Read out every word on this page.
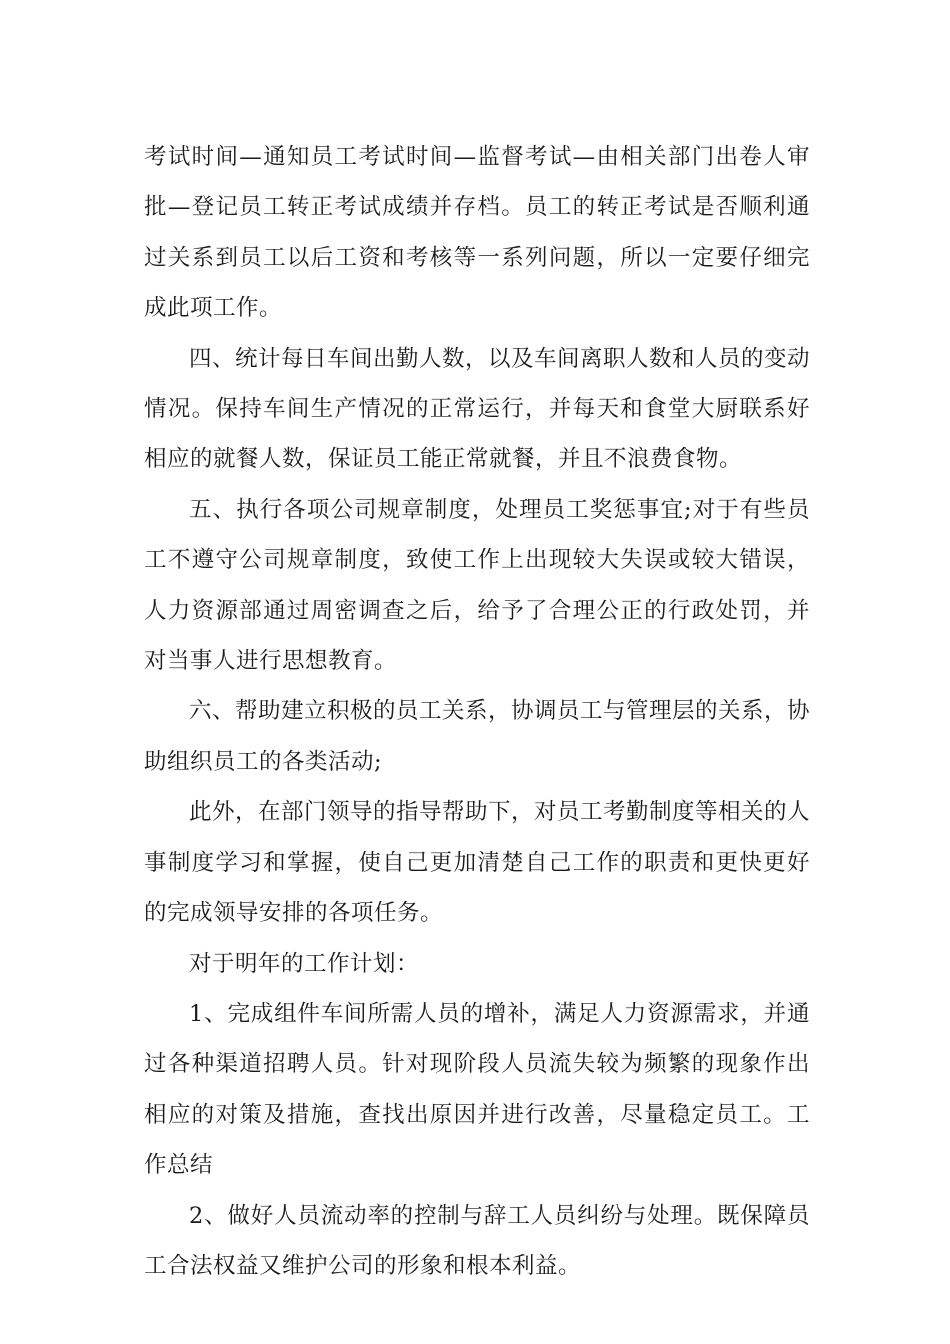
考试时间—通知员工考试时间—监督考试—由相关部门出卷人审批—登记员工转正考试成绩并存档。员工的转正考试是否顺利通过关系到员工以后工资和考核等一系列问题，所以一定要仔细完成此项工作。

四、统计每日车间出勤人数，以及车间离职人数和人员的变动情况。保持车间生产情况的正常运行，并每天和食堂大厨联系好相应的就餐人数，保证员工能正常就餐，并且不浪费食物。

五、执行各项公司规章制度，处理员工奖惩事宜;对于有些员工不遵守公司规章制度，致使工作上出现较大失误或较大错误，人力资源部通过周密调查之后，给予了合理公正的行政处罚，并对当事人进行思想教育。

六、帮助建立积极的员工关系，协调员工与管理层的关系，协助组织员工的各类活动;

此外，在部门领导的指导帮助下，对员工考勤制度等相关的人事制度学习和掌握，使自己更加清楚自己工作的职责和更快更好的完成领导安排的各项任务。

对于明年的工作计划：

1、完成组件车间所需人员的增补，满足人力资源需求，并通过各种渠道招聘人员。针对现阶段人员流失较为频繁的现象作出相应的对策及措施，查找出原因并进行改善，尽量稳定员工。工作总结

2、做好人员流动率的控制与辞工人员纠纷与处理。既保障员工合法权益又维护公司的形象和根本利益。
